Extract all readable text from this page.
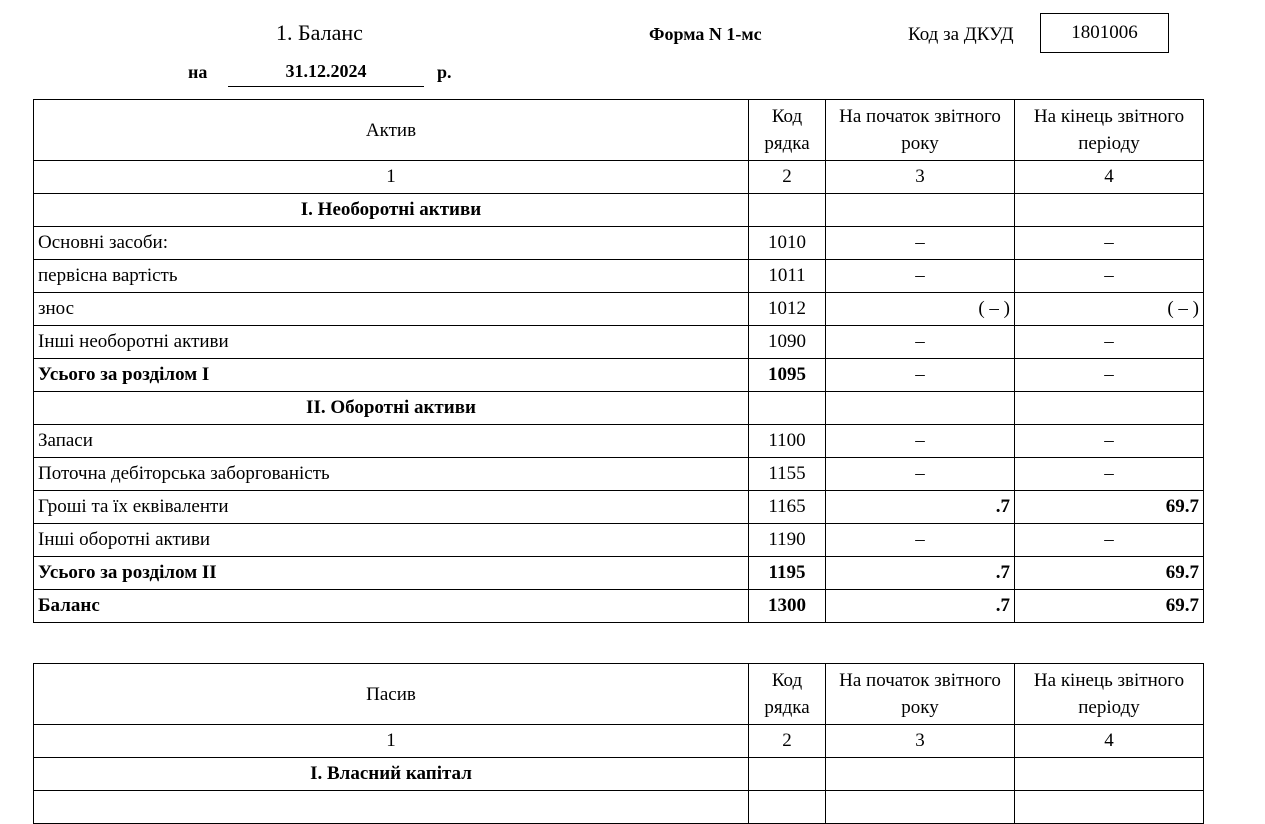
1. Баланс	Форма N 1-мс	Код за ДКУД	1801006
на	31.12.2024	р.
Актив	Код рядка	На початок звітного року	На кінець звітного періоду
1	2	3	4
I. Необоротні активи			
Основні засоби:	1010	–	–
первісна вартість	1011	–	–
знос	1012	( – )	( – )
Інші необоротні активи	1090	–	–
Усього за розділом I	1095	–	–
II. Оборотні активи			
Запаси	1100	–	–
Поточна дебіторська заборгованість	1155	–	–
Гроші та їх еквіваленти	1165	.7	69.7
Інші оборотні активи	1190	–	–
Усього за розділом II	1195	.7	69.7
Баланс	1300	.7	69.7
Пасив	Код рядка	На початок звітного року	На кінець звітного періоду
1	2	3	4
I. Власний капітал			
